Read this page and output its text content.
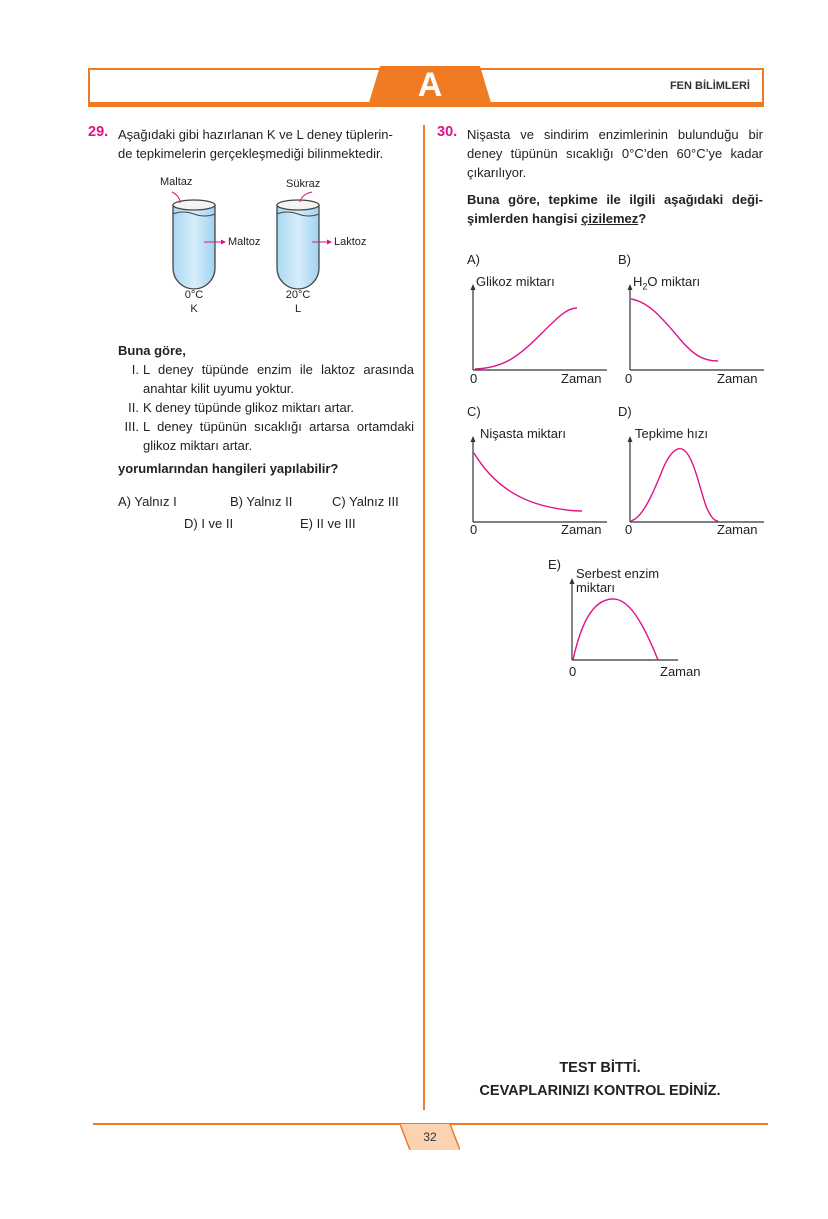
A	FEN BİLİMLERİ
29. Aşağıdaki gibi hazırlanan K ve L deney tüplerin-
de tepkimelerin gerçekleşmediği bilinmektedir.
Maltaz
Maltoz
0°C
K
Sükraz
Laktoz
20°C
L
Buna göre,
I. L deney tüpünde enzim ile laktoz arasında
anahtar kilit uyumu yoktur.
II. K deney tüpünde glikoz miktarı artar.
III. L deney tüpünün sıcaklığı artarsa ortamdaki
glikoz miktarı artar.
yorumlarından hangileri yapılabilir?
A) Yalnız I	B) Yalnız II	C) Yalnız III
D) I ve II	E) II ve III
30. Nişasta ve sindirim enzimlerinin bulunduğu bir
deney tüpünün sıcaklığı 0°C’den 60°C’ye kadar
çıkarılıyor.
Buna göre, tepkime ile ilgili aşağıdaki deği-
şimlerden hangisi çizilemez?
A)
Glikoz miktarı
0	Zaman
B)
$H_2O$ miktarı
0	Zaman
C)
Nişasta miktarı
0	Zaman
D)
Tepkime hızı
0	Zaman
E)
Serbest enzim
miktarı
0	Zaman
TEST BİTTİ.
CEVAPLARINIZI KONTROL EDİNİZ.
32
